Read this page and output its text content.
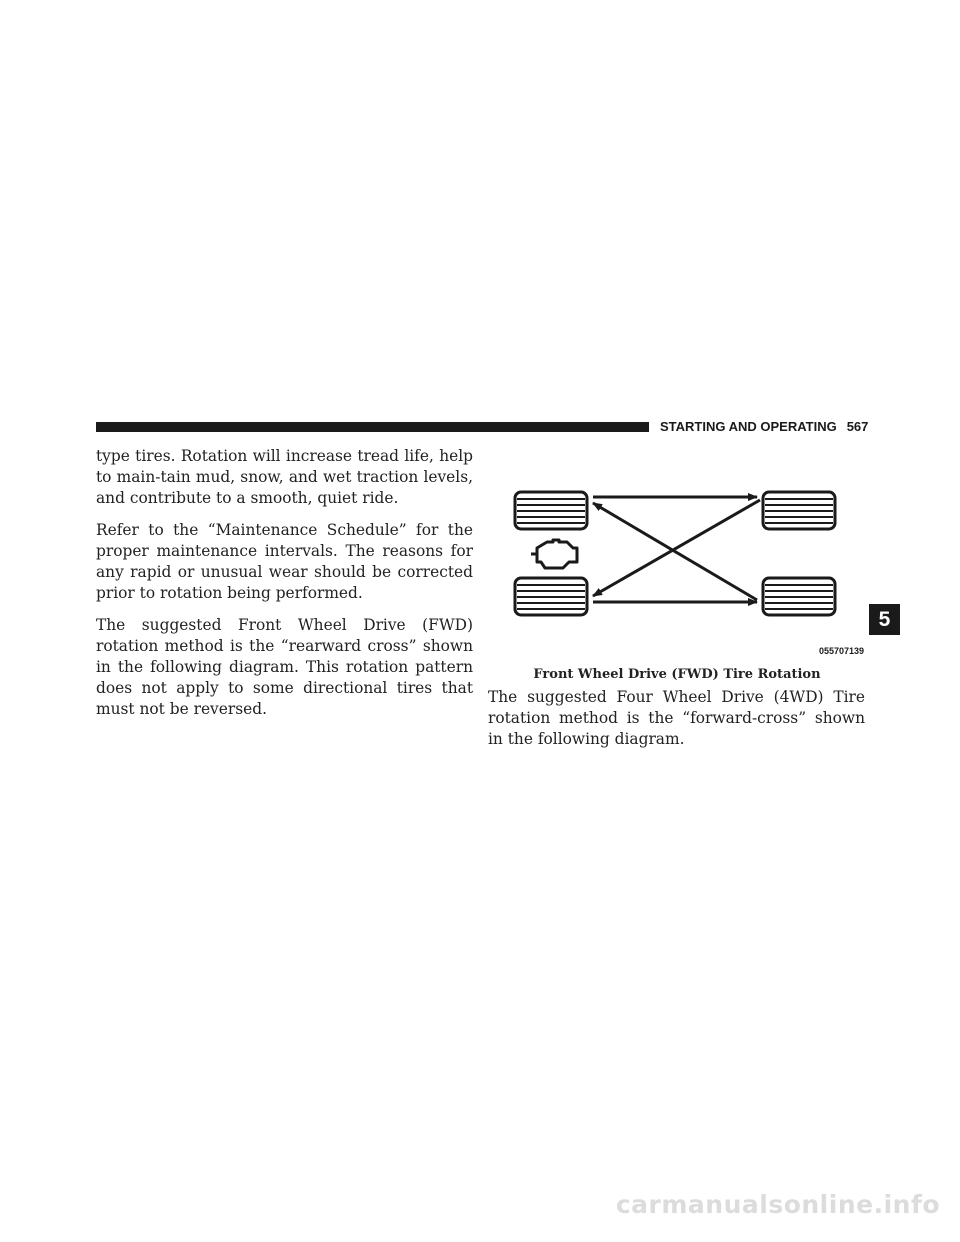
STARTING AND OPERATING 567

type tires. Rotation will increase tread life, help to main-tain mud, snow, and wet traction levels, and contribute to a smooth, quiet ride.

Refer to the “Maintenance Schedule” for the proper maintenance intervals. The reasons for any rapid or unusual wear should be corrected prior to rotation being performed.

The suggested Front Wheel Drive (FWD) rotation method is the “rearward cross” shown in the following diagram. This rotation pattern does not apply to some directional tires that must not be reversed.

055707139
Front Wheel Drive (FWD) Tire Rotation

The suggested Four Wheel Drive (4WD) Tire rotation method is the “forward-cross” shown in the following diagram.

5
carmanualsonline.info
